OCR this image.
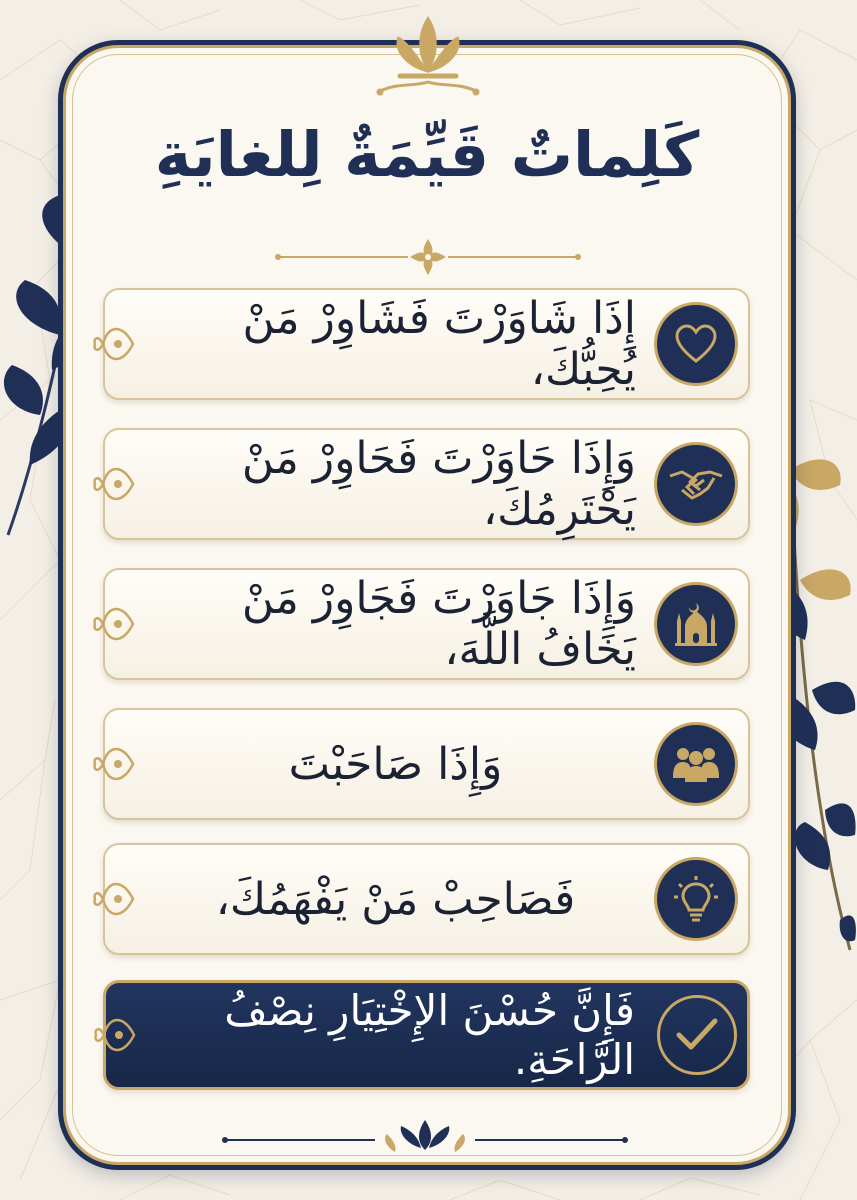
كَلِماتٌ قَيِّمَةٌ لِلغايَةِ
إِذَا شَاوَرْتَ فَشَاوِرْ مَنْ يُحِبُّكَ،
وَإِذَا حَاوَرْتَ فَحَاوِرْ مَنْ يَحْتَرِمُكَ،
وَإِذَا جَاوَرْتَ فَجَاوِرْ مَنْ يَخَافُ اللَّهَ،
وَإِذَا صَاحَبْتَ
فَصَاحِبْ مَنْ يَفْهَمُكَ،
فَإِنَّ حُسْنَ الإِخْتِيَارِ نِصْفُ الرَّاحَةِ.
